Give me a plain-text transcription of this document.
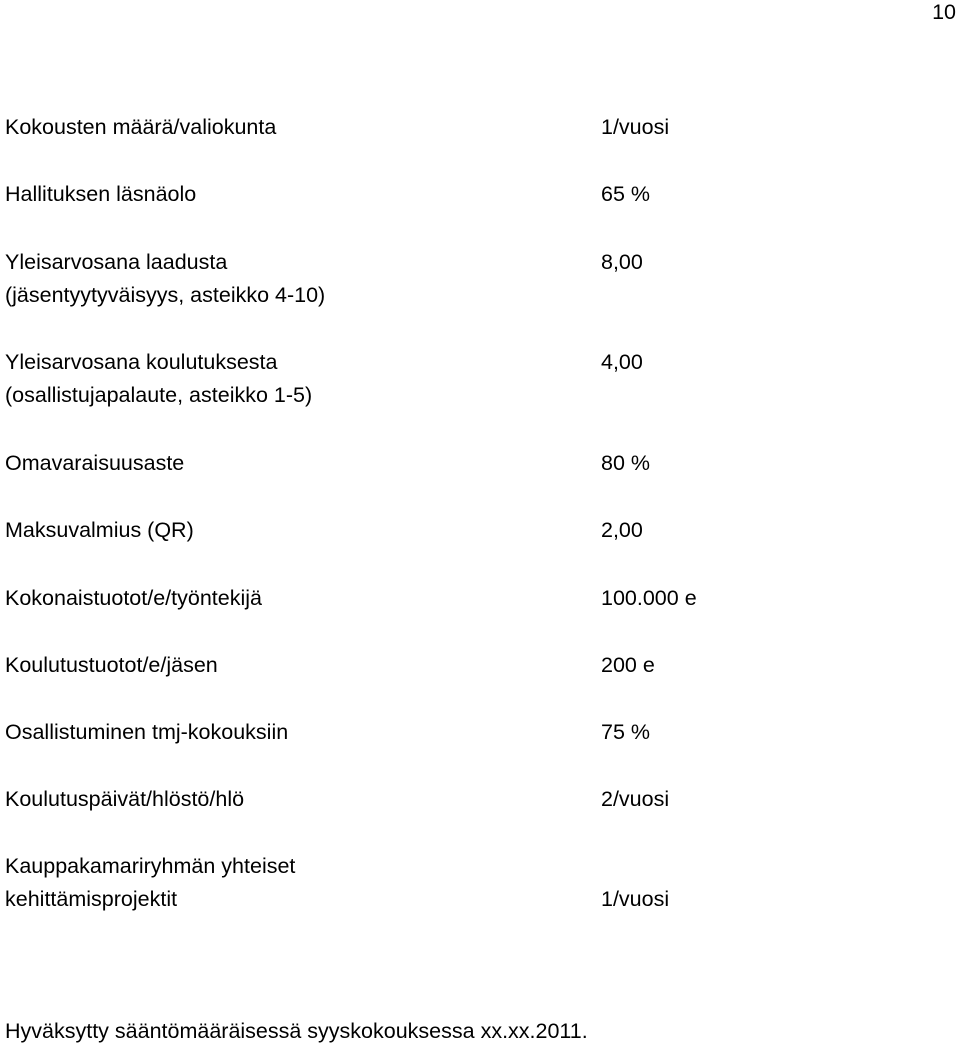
10
Kokousten määrä/valiokunta	1/vuosi
Hallituksen läsnäolo	65 %
Yleisarvosana laadusta	8,00
(jäsentyytyväisyys, asteikko 4-10)
Yleisarvosana koulutuksesta	4,00
(osallistujapalaute, asteikko 1-5)
Omavaraisuusaste	80 %
Maksuvalmius (QR)	2,00
Kokonaistuotot/e/työntekijä	100.000 e
Koulutustuotot/e/jäsen	200 e
Osallistuminen tmj-kokouksiin	75 %
Koulutuspäivät/hlöstö/hlö	2/vuosi
Kauppakamariryhmän yhteiset
kehittämisprojektit	1/vuosi
Hyväksytty sääntömääräisessä syyskokouksessa xx.xx.2011.
